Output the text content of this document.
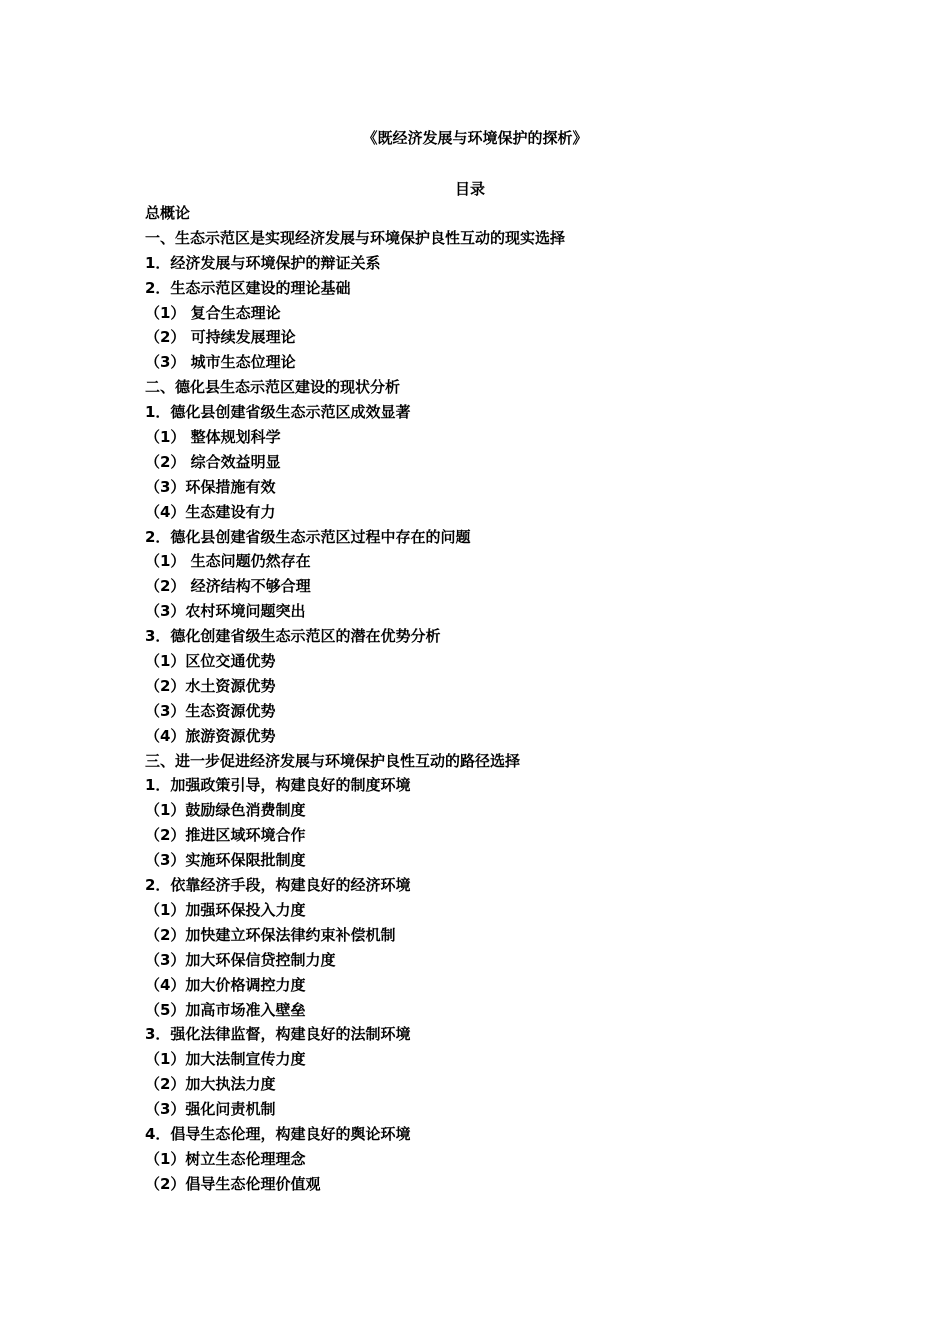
《既经济发展与环境保护的探析》
目录
总概论
一、生态示范区是实现经济发展与环境保护良性互动的现实选择
1．经济发展与环境保护的辩证关系
2．生态示范区建设的理论基础
（1） 复合生态理论
（2） 可持续发展理论
（3） 城市生态位理论
二、德化县生态示范区建设的现状分析
1．德化县创建省级生态示范区成效显著
（1） 整体规划科学
（2） 综合效益明显
（3）环保措施有效
（4）生态建设有力
2．德化县创建省级生态示范区过程中存在的问题
（1） 生态问题仍然存在
（2） 经济结构不够合理
（3）农村环境问题突出
3．德化创建省级生态示范区的潜在优势分析
（1）区位交通优势
（2）水土资源优势
（3）生态资源优势
（4）旅游资源优势
三、进一步促进经济发展与环境保护良性互动的路径选择
1．加强政策引导，构建良好的制度环境
（1）鼓励绿色消费制度
（2）推进区域环境合作
（3）实施环保限批制度
2．依靠经济手段，构建良好的经济环境
（1）加强环保投入力度
（2）加快建立环保法律约束补偿机制
（3）加大环保信贷控制力度
（4）加大价格调控力度
（5）加高市场准入壁垒
3．强化法律监督，构建良好的法制环境
（1）加大法制宣传力度
（2）加大执法力度
（3）强化问责机制
4．倡导生态伦理，构建良好的舆论环境
（1）树立生态伦理理念
（2）倡导生态伦理价值观
